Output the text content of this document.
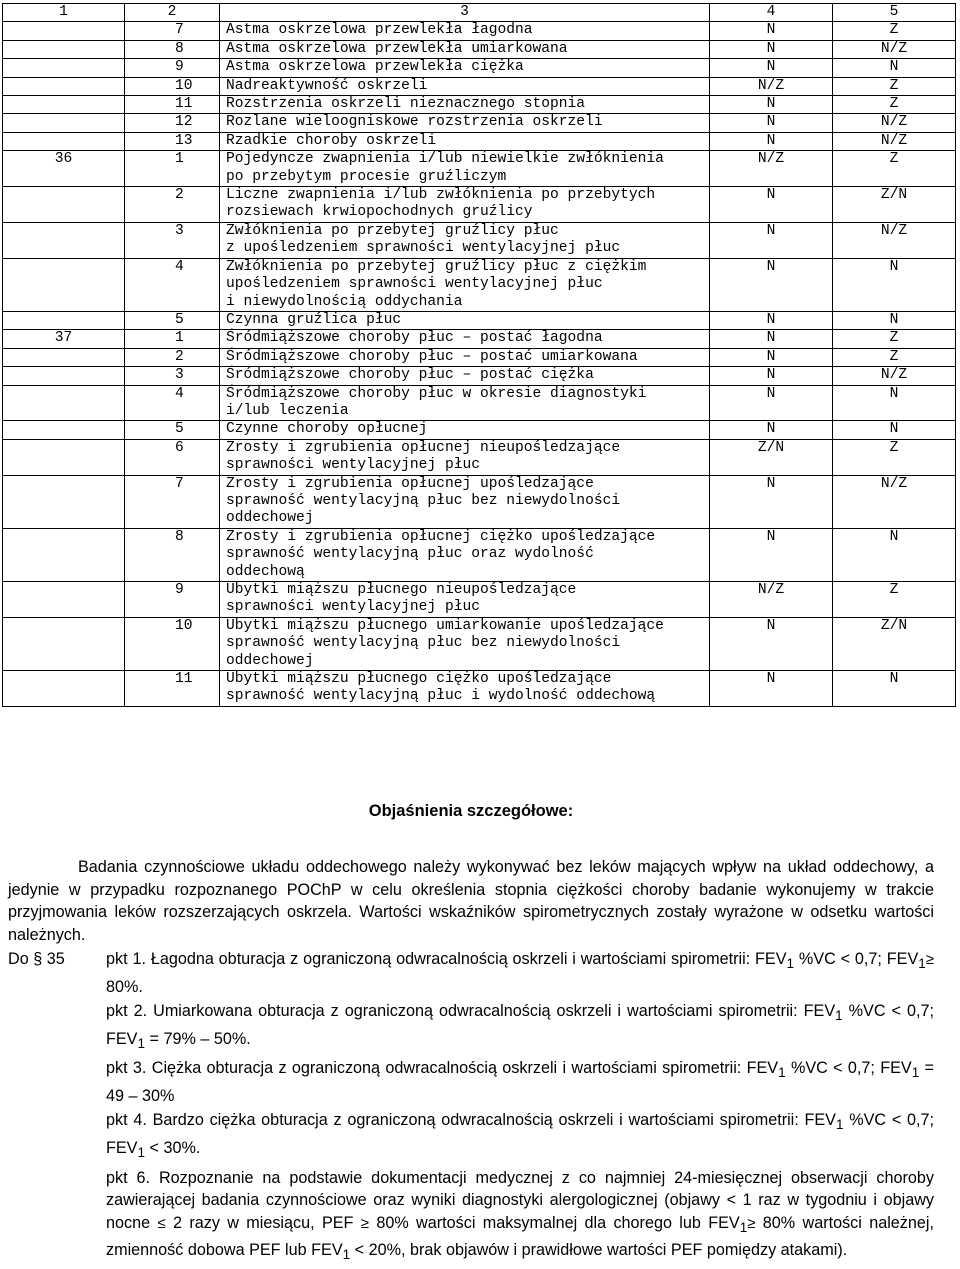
1	2	3	4	5
	7	Astma oskrzelowa przewlekła łagodna	N	Z
	8	Astma oskrzelowa przewlekła umiarkowana	N	N/Z
	9	Astma oskrzelowa przewlekła ciężka	N	N
	10	Nadreaktywność oskrzeli	N/Z	Z
	11	Rozstrzenia oskrzeli nieznacznego stopnia	N	Z
	12	Rozlane wieloogniskowe rozstrzenia oskrzeli	N	N/Z
	13	Rzadkie choroby oskrzeli	N	N/Z
36	1	Pojedyncze zwapnienia i/lub niewielkie zwłóknienia
po przebytym procesie gruźliczym	N/Z	Z
	2	Liczne zwapnienia i/lub zwłóknienia po przebytych
rozsiewach krwiopochodnych gruźlicy	N	Z/N
	3	Zwłóknienia po przebytej gruźlicy płuc
z upośledzeniem sprawności wentylacyjnej płuc	N	N/Z
	4	Zwłóknienia po przebytej gruźlicy płuc z ciężkim
upośledzeniem sprawności wentylacyjnej płuc
i niewydolnością oddychania	N	N
	5	Czynna gruźlica płuc	N	N
37	1	Śródmiąższowe choroby płuc – postać łagodna	N	Z
	2	Śródmiąższowe choroby płuc – postać umiarkowana	N	Z
	3	Śródmiąższowe choroby płuc – postać ciężka	N	N/Z
	4	Śródmiąższowe choroby płuc w okresie diagnostyki
i/lub leczenia	N	N
	5	Czynne choroby opłucnej	N	N
	6	Zrosty i zgrubienia opłucnej nieupośledzające
sprawności wentylacyjnej płuc	Z/N	Z
	7	Zrosty i zgrubienia opłucnej upośledzające
sprawność wentylacyjną płuc bez niewydolności
oddechowej	N	N/Z
	8	Zrosty i zgrubienia opłucnej ciężko upośledzające
sprawność wentylacyjną płuc oraz wydolność
oddechową	N	N
	9	Ubytki miąższu płucnego nieupośledzające
sprawności wentylacyjnej płuc	N/Z	Z
	10	Ubytki miąższu płucnego umiarkowanie upośledzające
sprawność wentylacyjną płuc bez niewydolności
oddechowej	N	Z/N
	11	Ubytki miąższu płucnego ciężko upośledzające
sprawność wentylacyjną płuc i wydolność oddechową	N	N
Objaśnienia szczegółowe:

Badania czynnościowe układu oddechowego należy wykonywać bez leków mających wpływ na układ oddechowy, a jedynie w przypadku rozpoznanego POChP w celu określenia stopnia ciężkości choroby badanie wykonujemy w trakcie przyjmowania leków rozszerzających oskrzela. Wartości wskaźników spirometrycznych zostały wyrażone w odsetku wartości należnych.

Do § 35	pkt 1. Łagodna obturacja z ograniczoną odwracalnością oskrzeli i wartościami spirometrii: $FEV_1$ %VC < 0,7; $FEV_1\ge 80\%$.

pkt 2. Umiarkowana obturacja z ograniczoną odwracalnością oskrzeli i wartościami spirometrii: $FEV_1$ %VC < 0,7; $FEV_1 = 79\% - 50\%$.

pkt 3. Ciężka obturacja z ograniczoną odwracalnością oskrzeli i wartościami spirometrii: $FEV_1$ %VC < 0,7; $FEV_1 = 49 - 30\%$

pkt 4. Bardzo ciężka obturacja z ograniczoną odwracalnością oskrzeli i wartościami spirometrii: $FEV_1$ %VC < 0,7; $FEV_1 < 30\%$.

pkt 6. Rozpoznanie na podstawie dokumentacji medycznej z co najmniej 24-miesięcznej obserwacji choroby zawierającej badania czynnościowe oraz wyniki diagnostyki alergologicznej (objawy < 1 raz w tygodniu i objawy nocne ≤ 2 razy w miesiącu, PEF ≥ 80% wartości maksymalnej dla chorego lub $FEV_1\ge 80\%$ wartości należnej, zmienność dobowa PEF lub $FEV_1 < 20\%$, brak objawów i prawidłowe wartości PEF pomiędzy atakami).
